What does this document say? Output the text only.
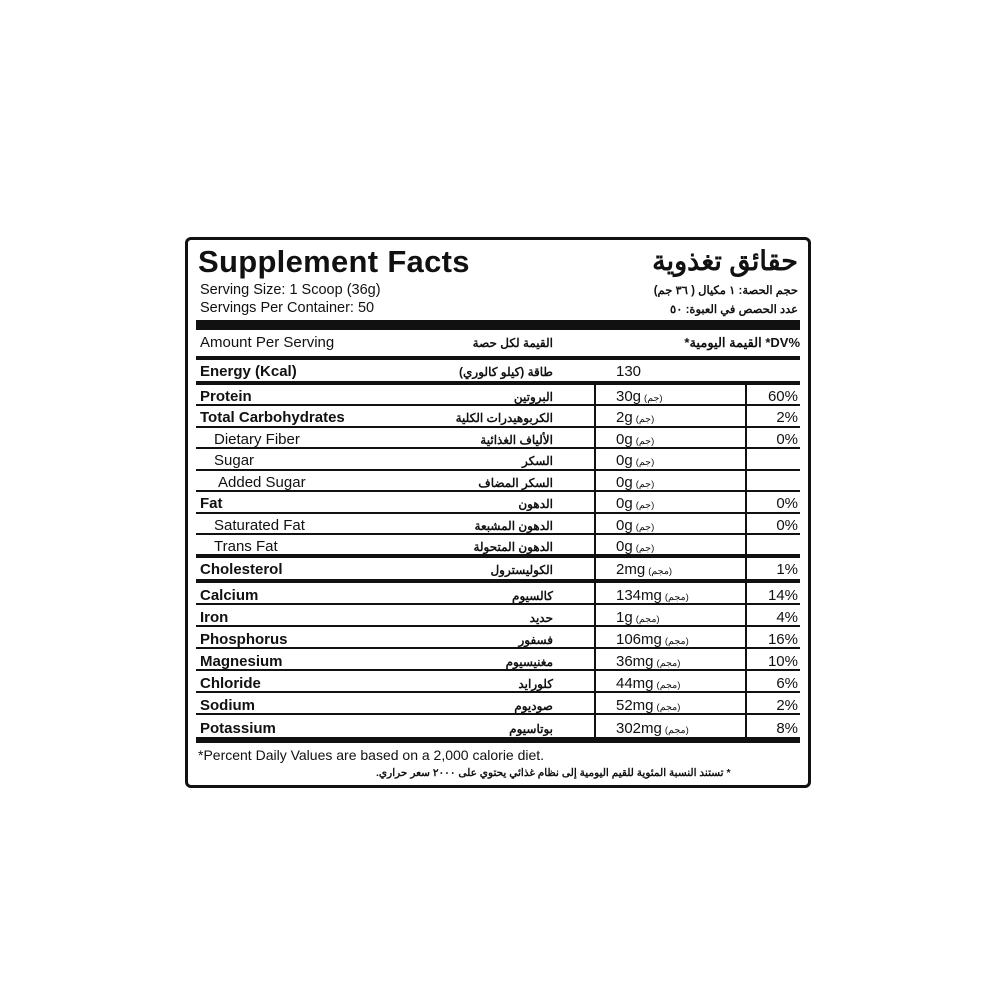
Supplement Facts	حقائق تغذوية
Serving Size: 1 Scoop (36g)
Servings Per Container: 50
حجم الحصة: ١ مكيال ( ٣٦ جم)
عدد الحصص في العبوة: ٥٠
Amount Per Serving	القيمة لكل حصة	%DV* القيمة اليومية*
Energy (Kcal)	طاقة (كيلو كالوري)	130
Protein	البروتين	30g (جم)	60%
Total Carbohydrates	الكربوهيدرات الكلية	2g (جم)	2%
Dietary Fiber	الألياف الغذائية	0g (جم)	0%
Sugar	السكر	0g (جم)
Added Sugar	السكر المضاف	0g (جم)
Fat	الدهون	0g (جم)	0%
Saturated Fat	الدهون المشبعة	0g (جم)	0%
Trans Fat	الدهون المتحولة	0g (جم)
Cholesterol	الكوليسترول	2mg (مجم)	1%
Calcium	كالسيوم	134mg (مجم)	14%
Iron	حديد	1g (مجم)	4%
Phosphorus	فسفور	106mg (مجم)	16%
Magnesium	مغنيسيوم	36mg (مجم)	10%
Chloride	كلورايد	44mg (مجم)	6%
Sodium	صوديوم	52mg (مجم)	2%
Potassium	بوتاسيوم	302mg (مجم)	8%
*Percent Daily Values are based on a 2,000 calorie diet.
* تستند النسبة المئوية للقيم اليومية إلى نظام غذائي يحتوي على ٢٠٠٠ سعر حراري.
